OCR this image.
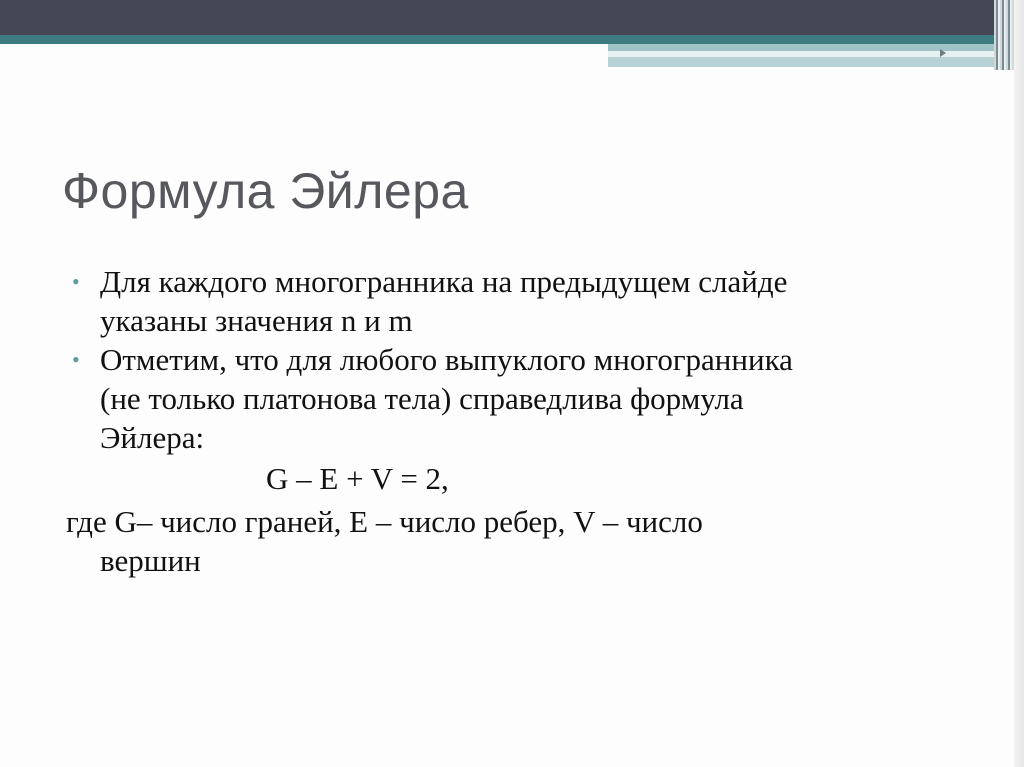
Формула Эйлера
• Для каждого многогранника на предыдущем слайде
указаны значения n и m
• Отметим, что для любого выпуклого многогранника
(не только платонова тела) справедлива формула
Эйлера:
G – E + V = 2,
где G– число граней, E – число ребер, V – число
вершин
